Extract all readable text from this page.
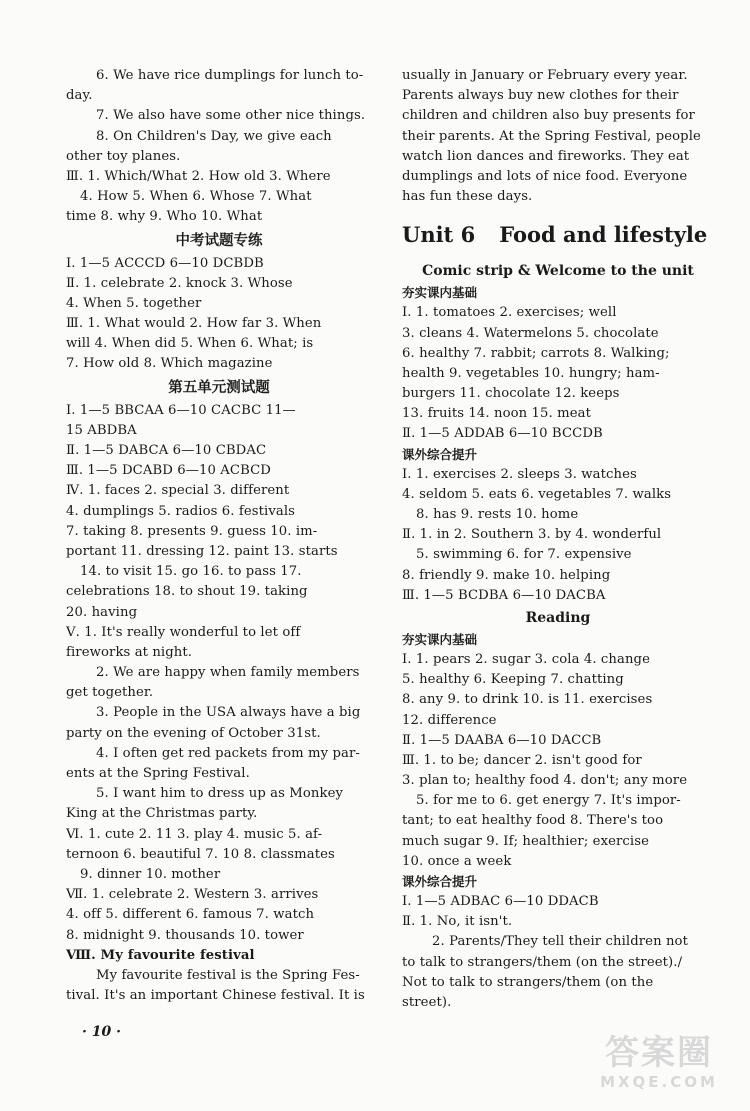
6. We have rice dumplings for lunch to-
day.
7. We also have some other nice things.
8. On Children's Day, we give each
other toy planes.
Ⅲ. 1. Which/What 2. How old 3. Where
4. How 5. When 6. Whose 7. What
time 8. why 9. Who 10. What
中考试题专练
Ⅰ. 1—5 ACCCD 6—10 DCBDB
Ⅱ. 1. celebrate 2. knock 3. Whose
4. When 5. together
Ⅲ. 1. What would 2. How far 3. When
will 4. When did 5. When 6. What; is
7. How old 8. Which magazine
第五单元测试题
Ⅰ. 1—5 BBCAA 6—10 CACBC 11—
15 ABDBA
Ⅱ. 1—5 DABCA 6—10 CBDAC
Ⅲ. 1—5 DCABD 6—10 ACBCD
Ⅳ. 1. faces 2. special 3. different
4. dumplings 5. radios 6. festivals
7. taking 8. presents 9. guess 10. im-
portant 11. dressing 12. paint 13. starts
14. to visit 15. go 16. to pass 17.
celebrations 18. to shout 19. taking
20. having
Ⅴ. 1. It's really wonderful to let off
fireworks at night.
2. We are happy when family members
get together.
3. People in the USA always have a big
party on the evening of October 31st.
4. I often get red packets from my par-
ents at the Spring Festival.
5. I want him to dress up as Monkey
King at the Christmas party.
Ⅵ. 1. cute 2. 11 3. play 4. music 5. af-
ternoon 6. beautiful 7. 10 8. classmates
9. dinner 10. mother
Ⅶ. 1. celebrate 2. Western 3. arrives
4. off 5. different 6. famous 7. watch
8. midnight 9. thousands 10. tower
Ⅷ. My favourite festival
My favourite festival is the Spring Fes-
tival. It's an important Chinese festival. It is
usually in January or February every year.
Parents always buy new clothes for their
children and children also buy presents for
their parents. At the Spring Festival, people
watch lion dances and fireworks. They eat
dumplings and lots of nice food. Everyone
has fun these days.
Unit 6 Food and lifestyle
Comic strip & Welcome to the unit
夯实课内基础
Ⅰ. 1. tomatoes 2. exercises; well
3. cleans 4. Watermelons 5. chocolate
6. healthy 7. rabbit; carrots 8. Walking;
health 9. vegetables 10. hungry; ham-
burgers 11. chocolate 12. keeps
13. fruits 14. noon 15. meat
Ⅱ. 1—5 ADDAB 6—10 BCCDB
课外综合提升
Ⅰ. 1. exercises 2. sleeps 3. watches
4. seldom 5. eats 6. vegetables 7. walks
8. has 9. rests 10. home
Ⅱ. 1. in 2. Southern 3. by 4. wonderful
5. swimming 6. for 7. expensive
8. friendly 9. make 10. helping
Ⅲ. 1—5 BCDBA 6—10 DACBA
Reading
夯实课内基础
Ⅰ. 1. pears 2. sugar 3. cola 4. change
5. healthy 6. Keeping 7. chatting
8. any 9. to drink 10. is 11. exercises
12. difference
Ⅱ. 1—5 DAABA 6—10 DACCB
Ⅲ. 1. to be; dancer 2. isn't good for
3. plan to; healthy food 4. don't; any more
5. for me to 6. get energy 7. It's impor-
tant; to eat healthy food 8. There's too
much sugar 9. If; healthier; exercise
10. once a week
课外综合提升
Ⅰ. 1—5 ADBAC 6—10 DDACB
Ⅱ. 1. No, it isn't.
2. Parents/They tell their children not
to talk to strangers/them (on the street)./
Not to talk to strangers/them (on the
street).
· 10 ·
答案圈
MXQE.COM
